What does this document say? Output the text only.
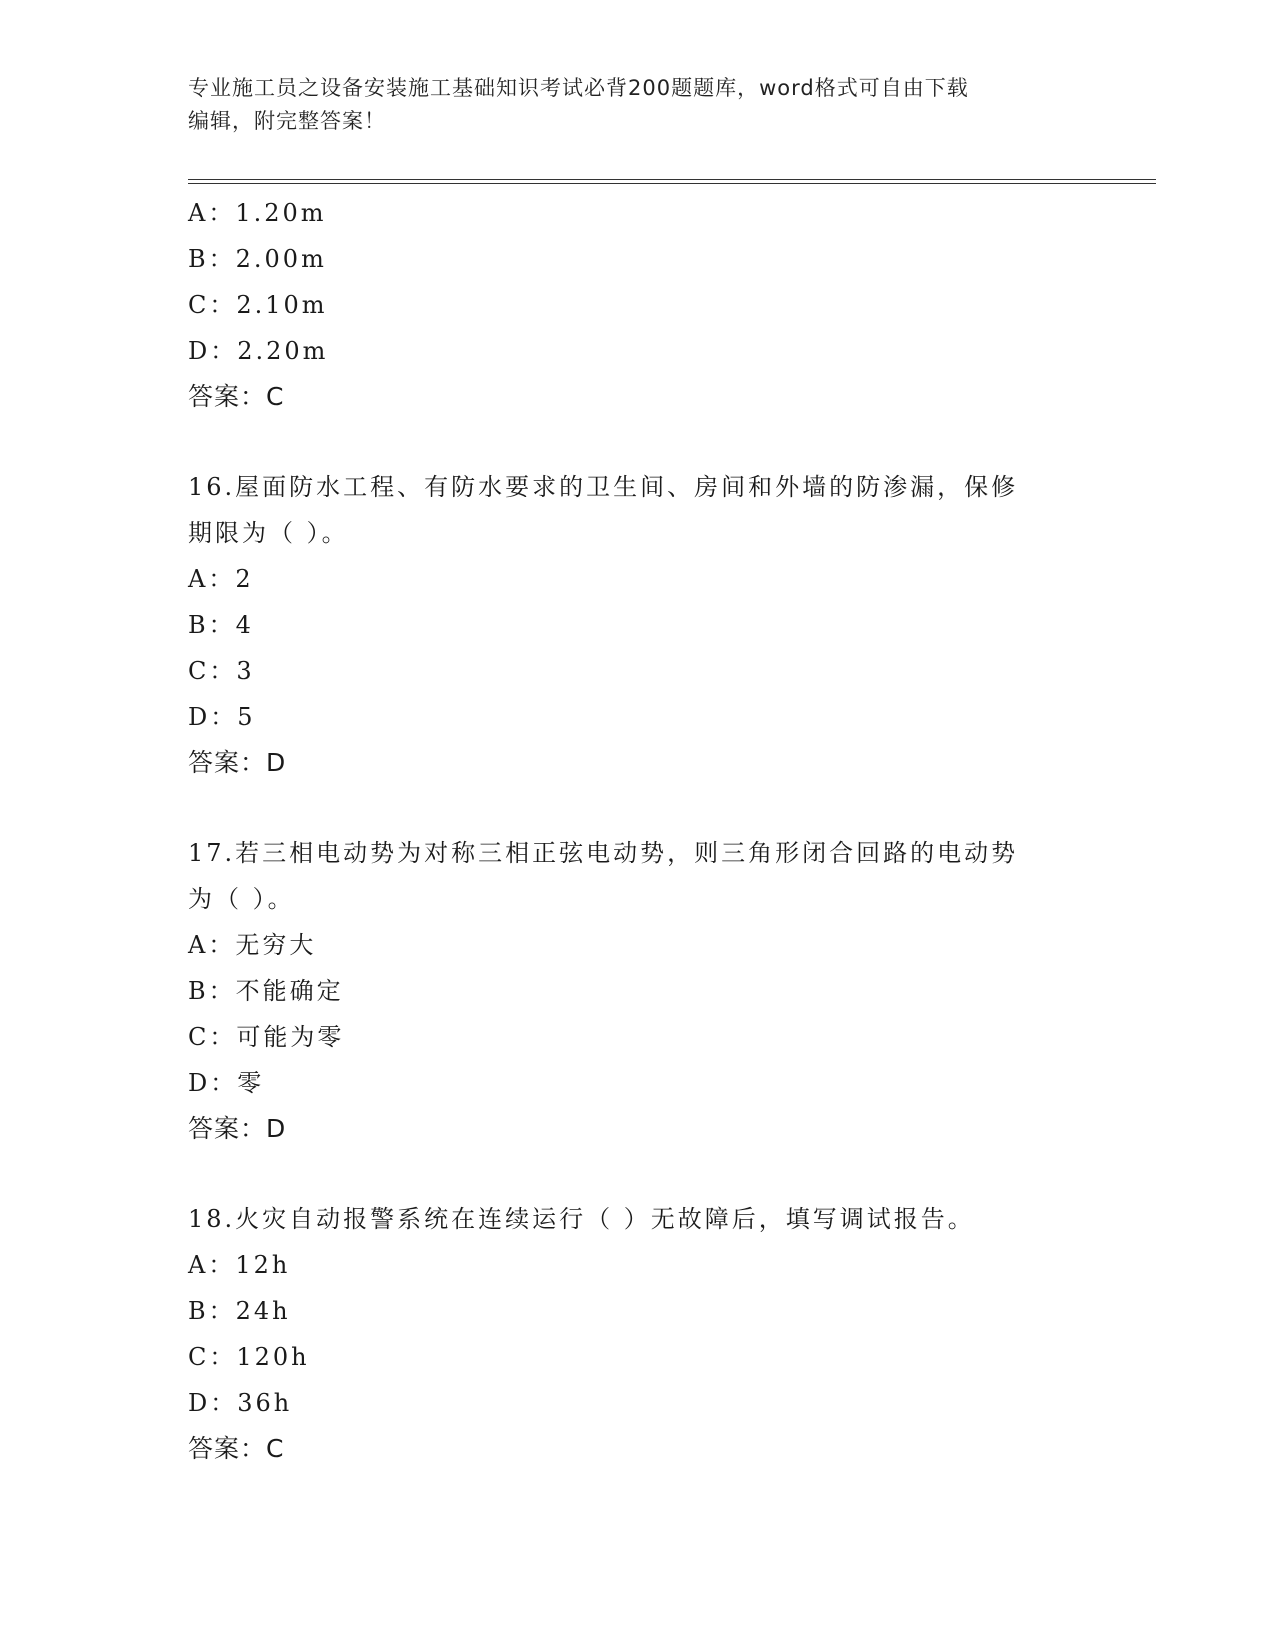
专业施工员之设备安装施工基础知识考试必背200题题库，word格式可自由下载
编辑，附完整答案！
A：1.20m
B：2.00m
C：2.10m
D：2.20m
答案：C
16.屋面防水工程、有防水要求的卫生间、房间和外墙的防渗漏，保修
期限为（ ）。
A：2
B：4
C：3
D：5
答案：D
17.若三相电动势为对称三相正弦电动势，则三角形闭合回路的电动势
为（ ）。
A：无穷大
B：不能确定
C：可能为零
D：零
答案：D
18.火灾自动报警系统在连续运行（ ）无故障后，填写调试报告。
A：12h
B：24h
C：120h
D：36h
答案：C
